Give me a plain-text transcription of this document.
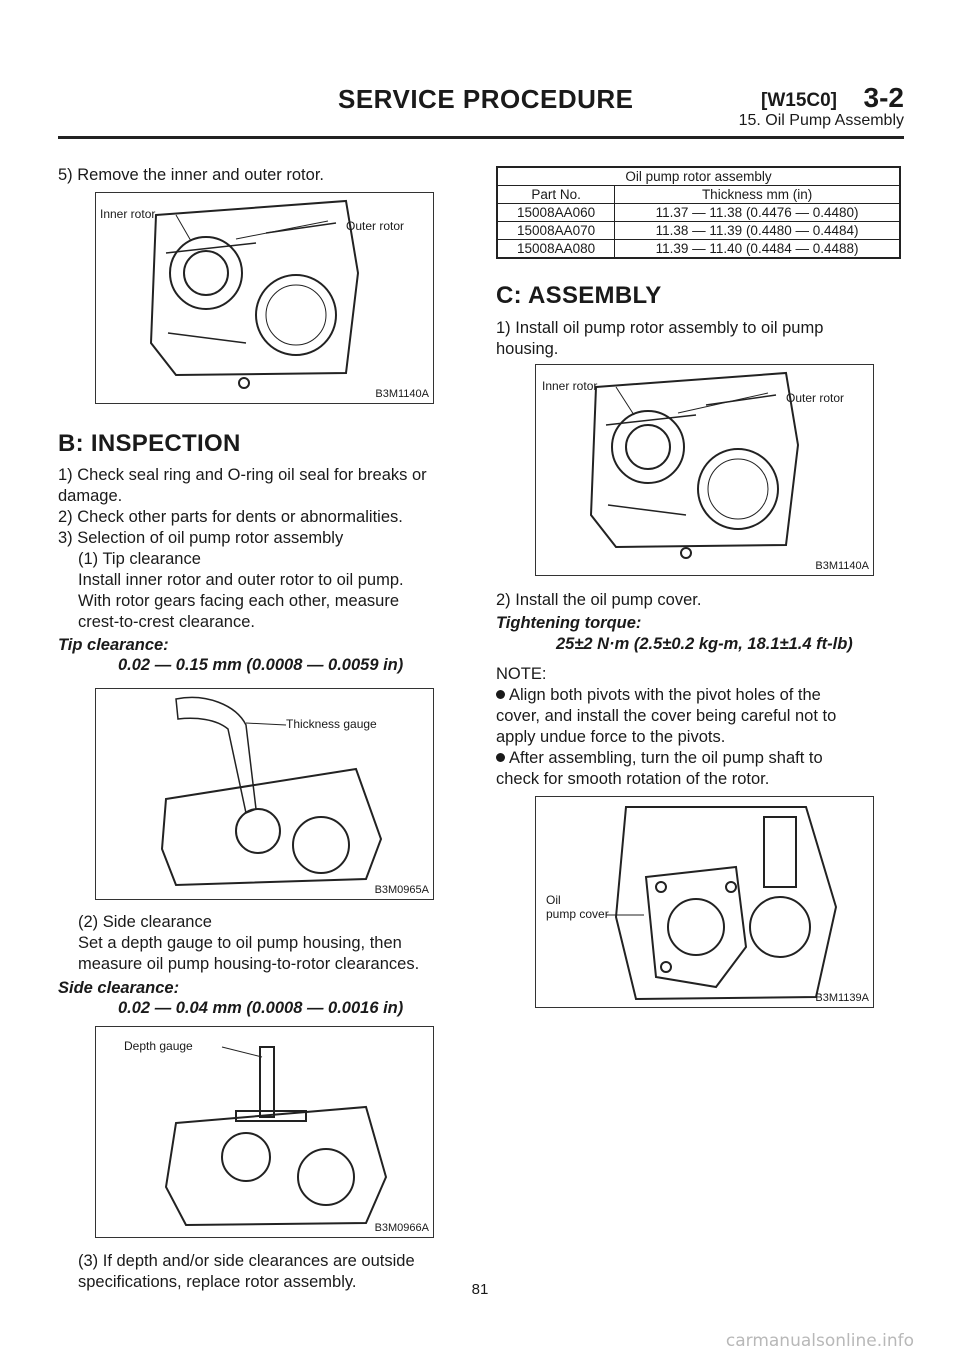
SERVICE PROCEDURE	[W15C0] 3-2
15. Oil Pump Assembly
5) Remove the inner and outer rotor.
Inner rotor
Outer rotor
B3M1140A
B: INSPECTION
1) Check seal ring and O-ring oil seal for breaks or
damage.
2) Check other parts for dents or abnormalities.
3) Selection of oil pump rotor assembly
(1) Tip clearance
Install inner rotor and outer rotor to oil pump.
With rotor gears facing each other, measure
crest-to-crest clearance.
Tip clearance:
0.02 — 0.15 mm (0.0008 — 0.0059 in)
Thickness gauge
B3M0965A
(2) Side clearance
Set a depth gauge to oil pump housing, then
measure oil pump housing-to-rotor clearances.
Side clearance:
0.02 — 0.04 mm (0.0008 — 0.0016 in)
Depth gauge
B3M0966A
(3) If depth and/or side clearances are outside
specifications, replace rotor assembly.
Oil pump rotor assembly	
Part No.	Thickness mm (in)
15008AA060	11.37 — 11.38 (0.4476 — 0.4480)
15008AA070	11.38 — 11.39 (0.4480 — 0.4484)
15008AA080	11.39 — 11.40 (0.4484 — 0.4488)
C: ASSEMBLY
1) Install oil pump rotor assembly to oil pump
housing.
Inner rotor
Outer rotor
B3M1140A
2) Install the oil pump cover.
Tightening torque:
25±2 N·m (2.5±0.2 kg-m, 18.1±1.4 ft-lb)
NOTE:
Align both pivots with the pivot holes of the
cover, and install the cover being careful not to
apply undue force to the pivots.
After assembling, turn the oil pump shaft to
check for smooth rotation of the rotor.
Oil
pump cover
B3M1139A
81
carmanualsonline.info
